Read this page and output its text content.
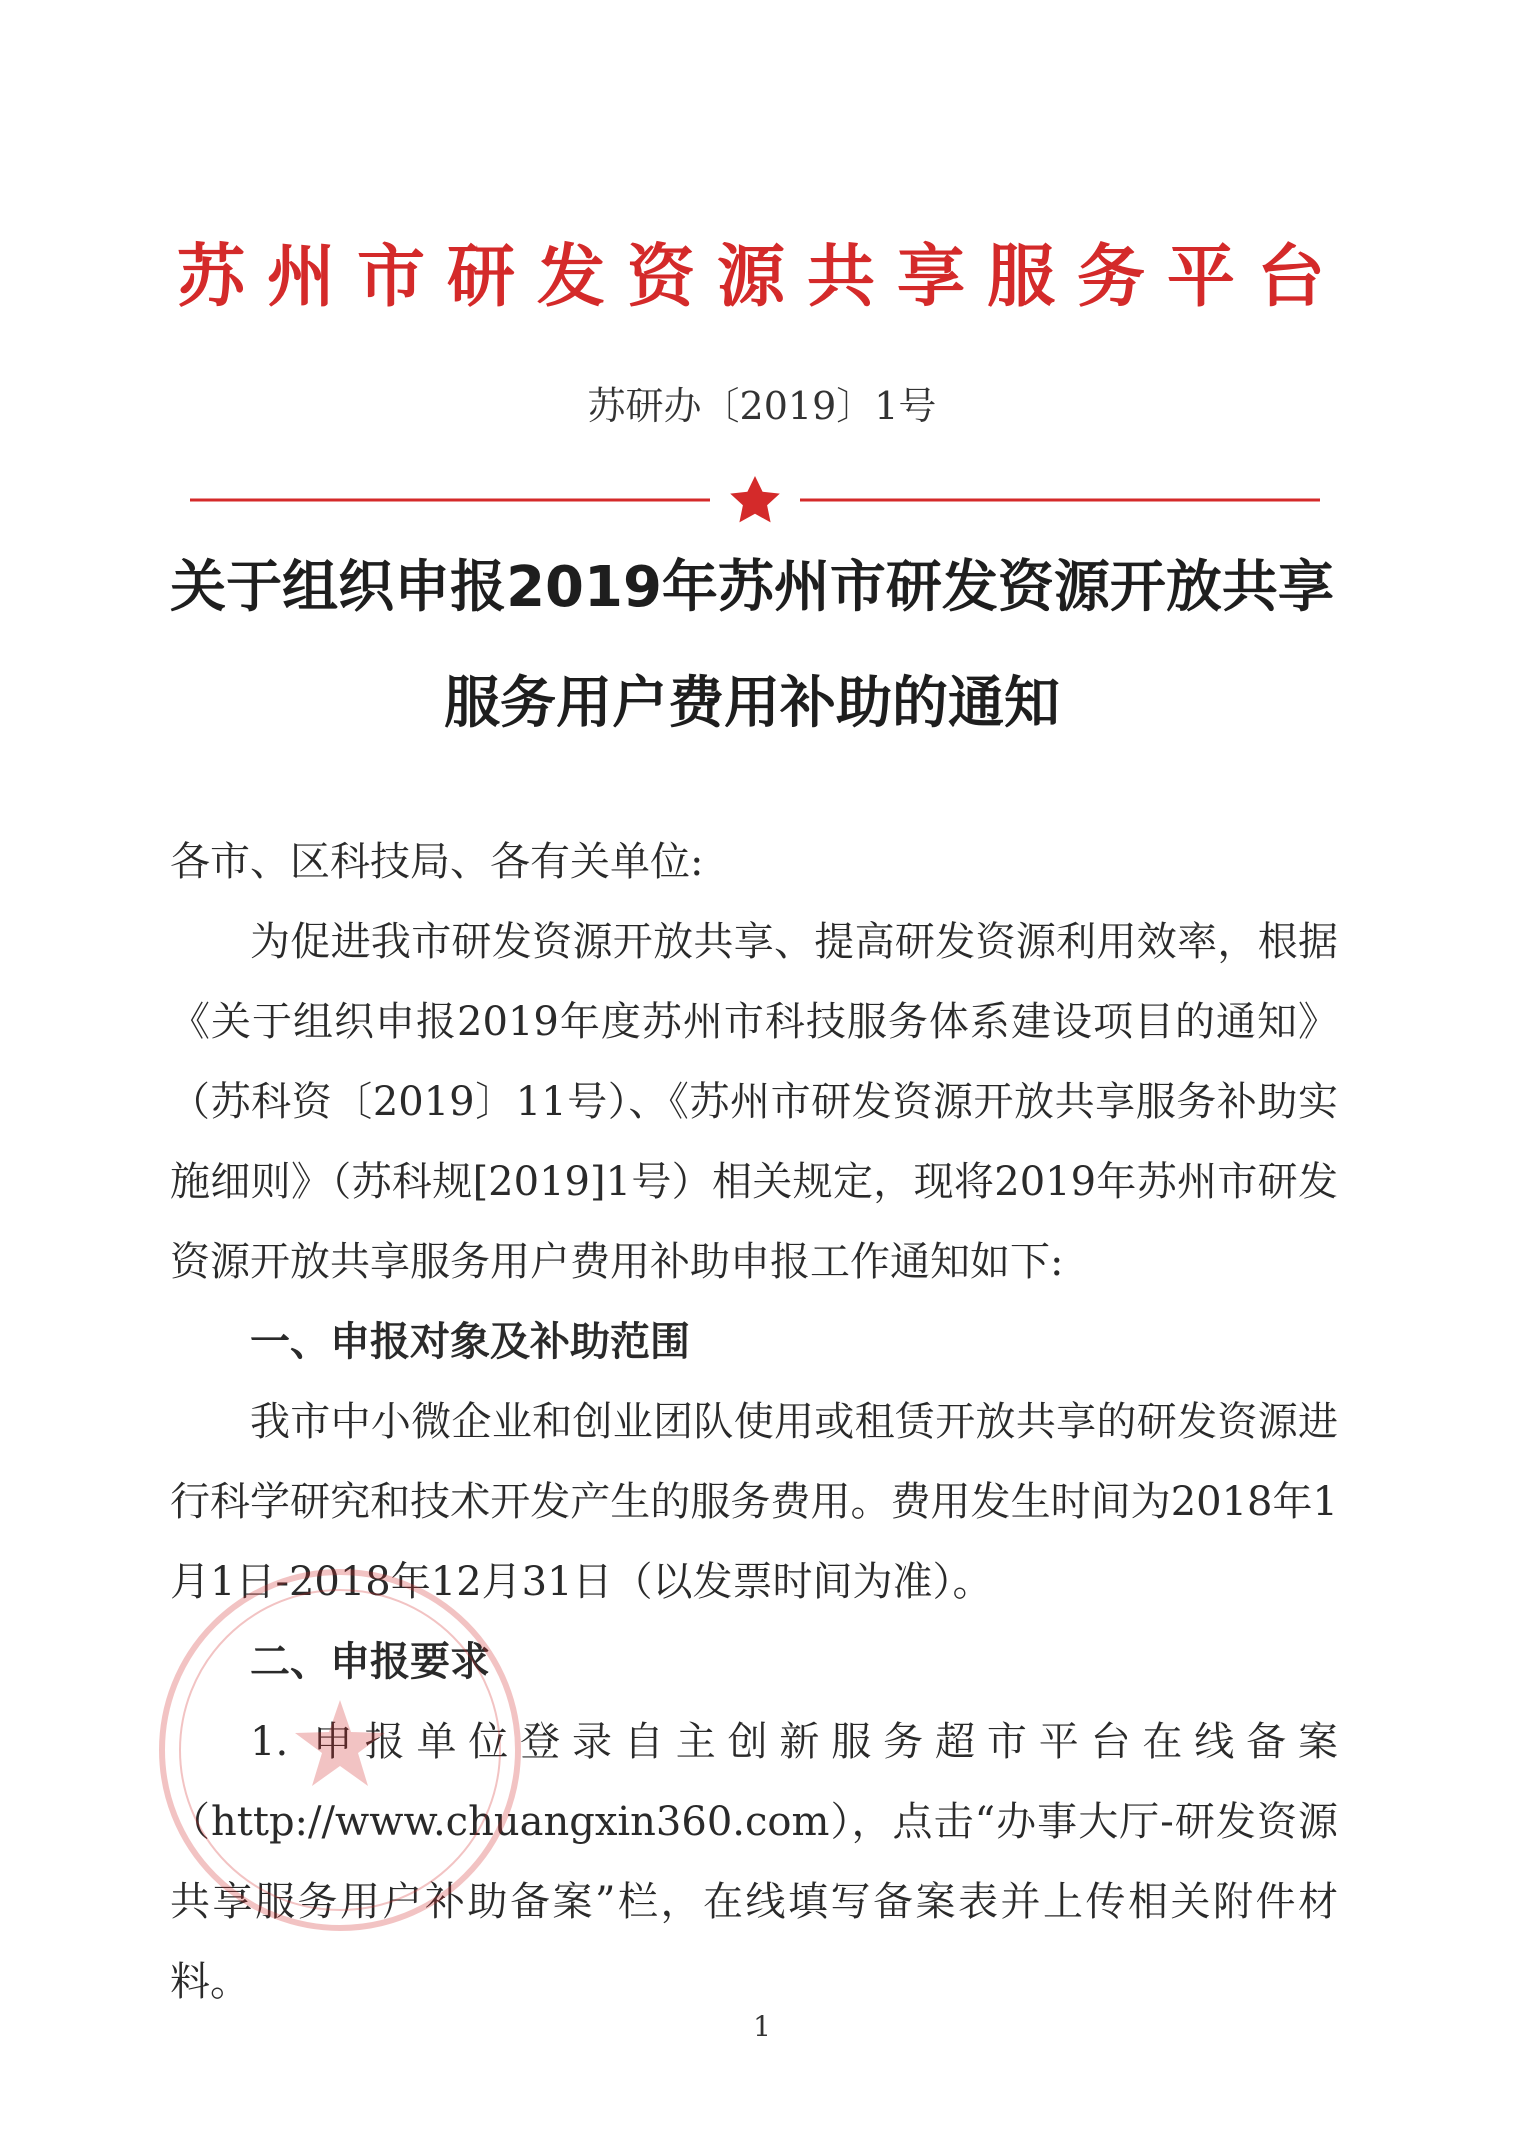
苏州市研发资源共享服务平台
苏研办〔2019〕1号
关于组织申报2019年苏州市研发资源开放共享
服务用户费用补助的通知

各市、区科技局、各有关单位:

为促进我市研发资源开放共享、提高研发资源利用效率，根据《关于组织申报2019年度苏州市科技服务体系建设项目的通知》（苏科资〔2019〕11号）、《苏州市研发资源开放共享服务补助实施细则》（苏科规[2019]1号）相关规定，现将2019年苏州市研发资源开放共享服务用户费用补助申报工作通知如下:

一、申报对象及补助范围

我市中小微企业和创业团队使用或租赁开放共享的研发资源进行科学研究和技术开发产生的服务费用。费用发生时间为2018年1月1日-2018年12月31日（以发票时间为准）。

二、申报要求

1. 申报单位登录自主创新服务超市平台在线备案（http://www.chuangxin360.com），点击“办事大厅-研发资源共享服务用户补助备案”栏，在线填写备案表并上传相关附件材料。

1
